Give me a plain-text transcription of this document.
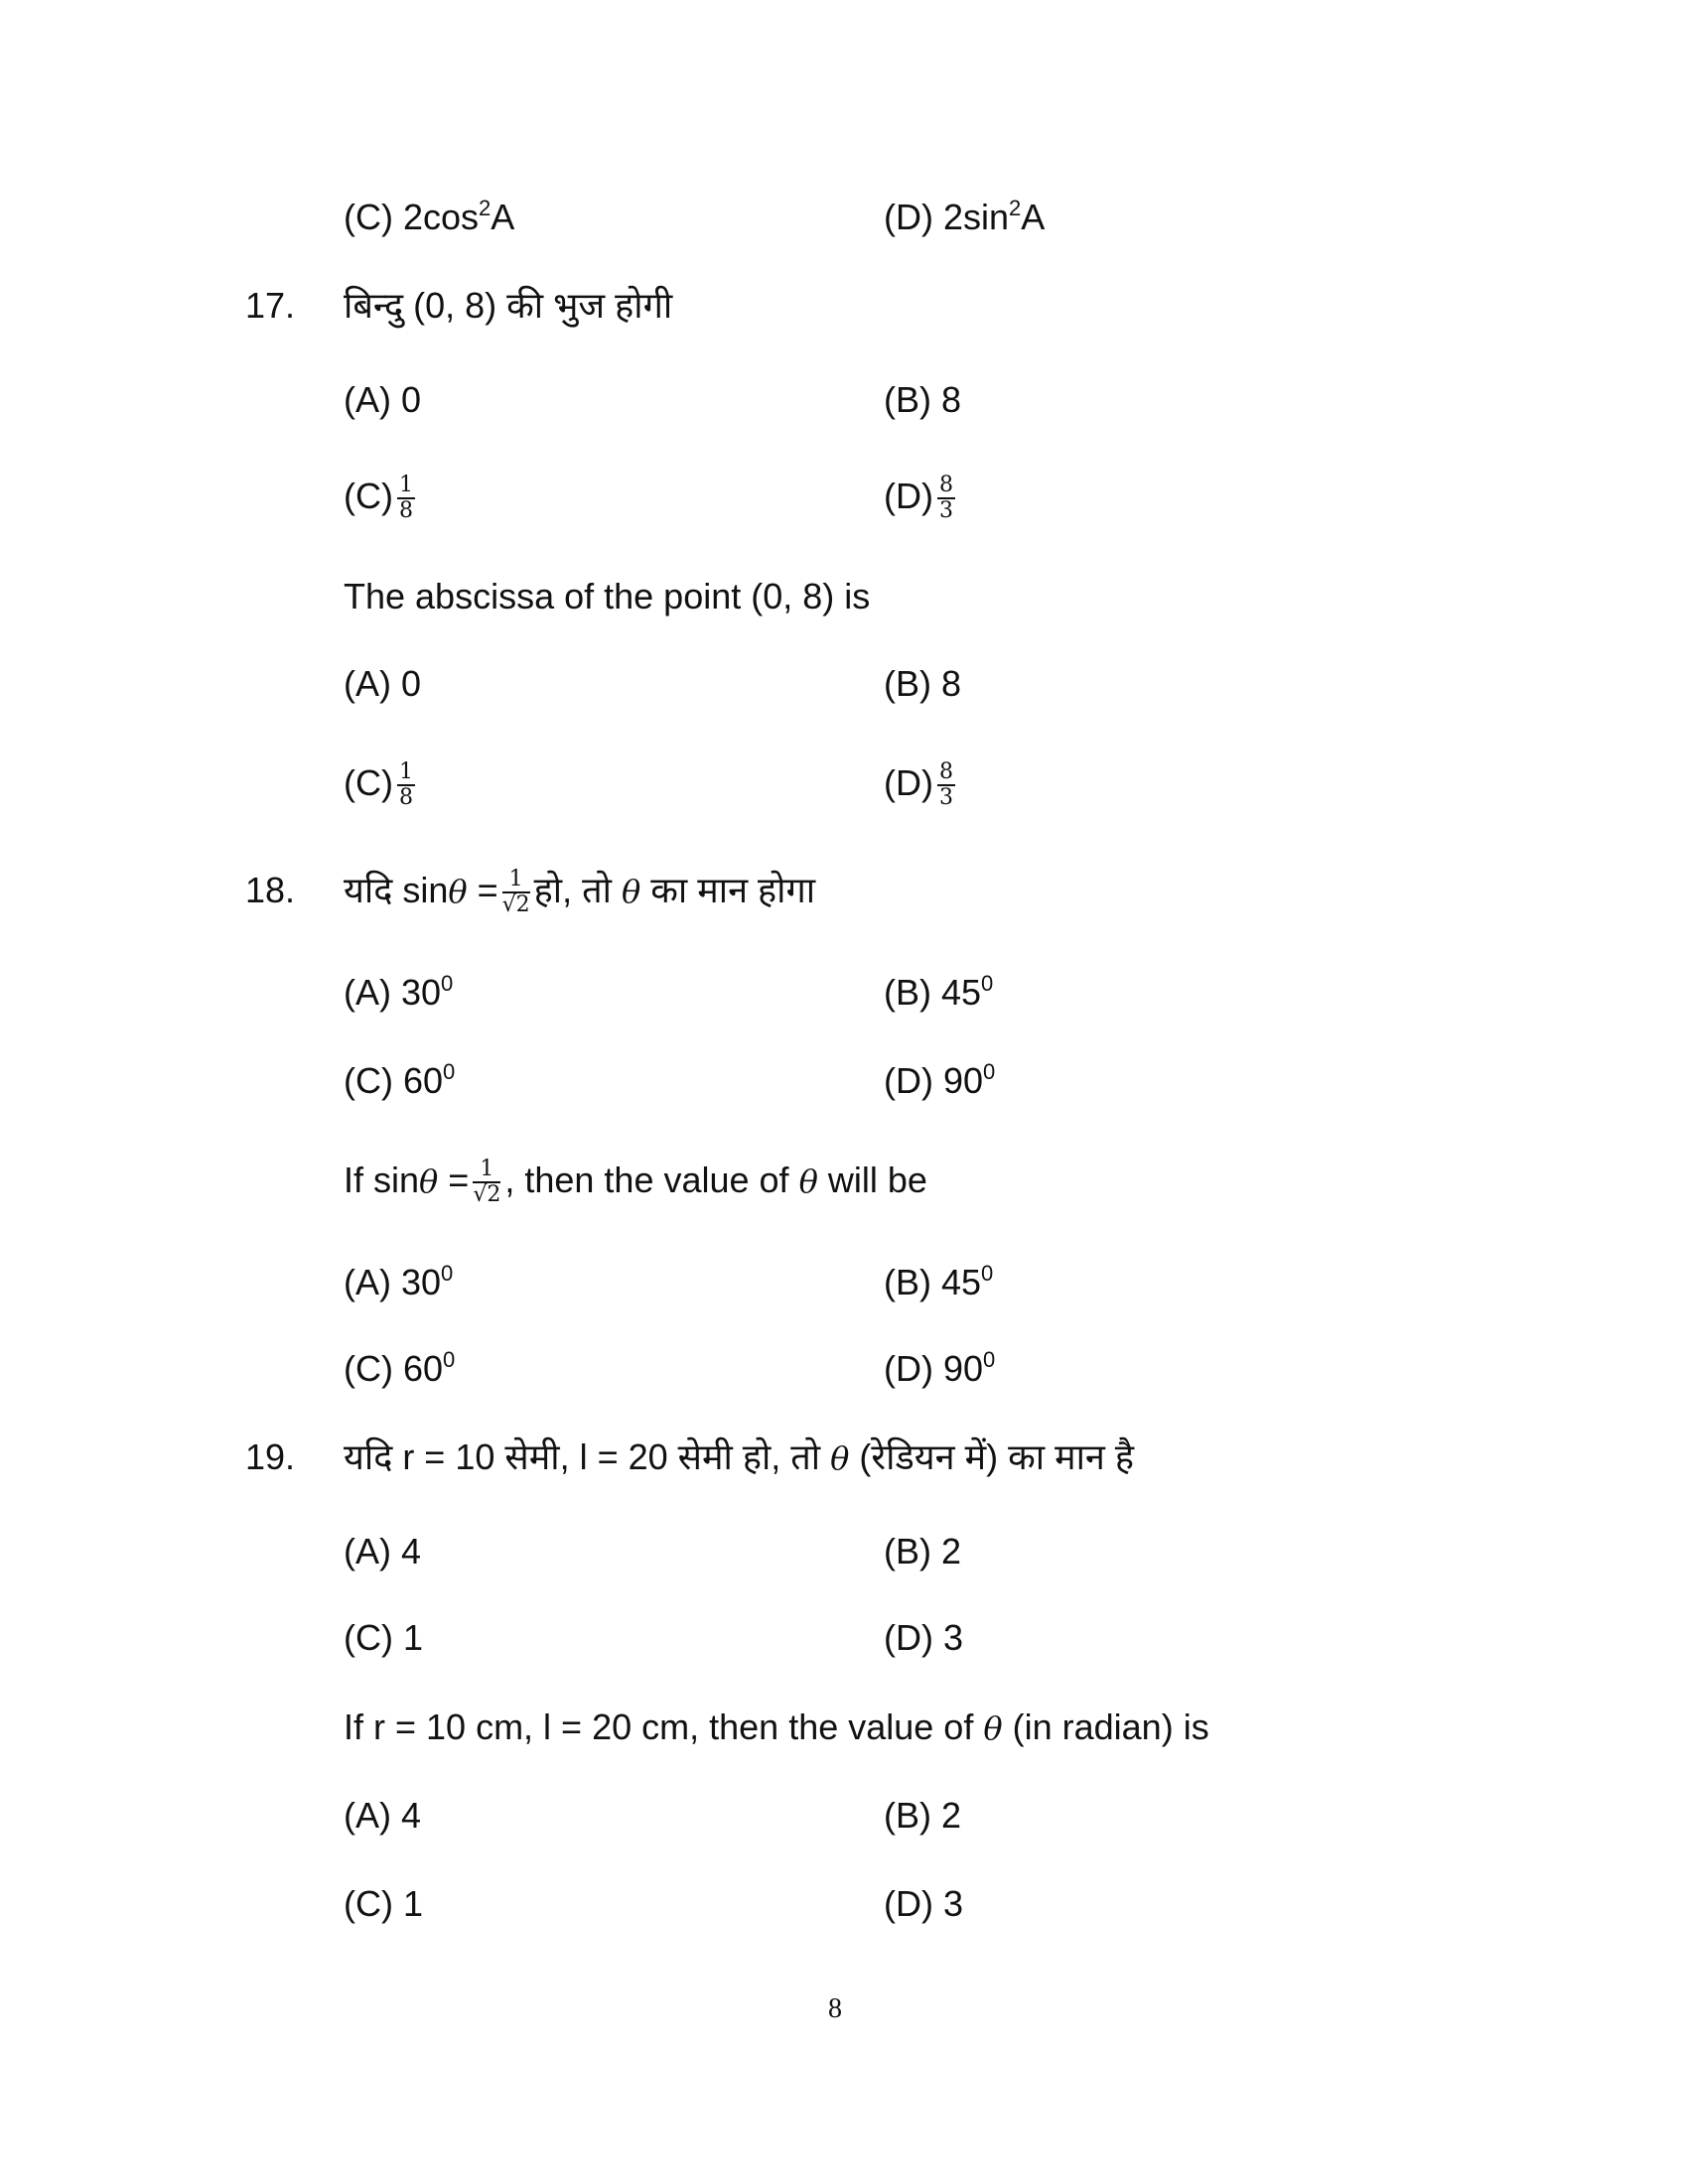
(C) $2\cos^2A$	(D) $2\sin^2A$
17. बिन्दु (0, 8) की भुज होगी
(A) 0	(B) 8
$(C) \frac{1}{8}$	$(D) \frac{8}{3}$
The abscissa of the point (0, 8) is
(A) 0	(B) 8
$(C) \frac{1}{8}$	$(D) \frac{8}{3}$
18. यदि $\sin\theta = \frac{1}{√2}$ हो, तो θ का मान होगा
(A) $30^0$	(B) $45^0$
(C) $60^0$	(D) $90^0$
If $\sin\theta = \frac{1}{√2}$ , then the value of θ will be
(A) $30^0$	(B) $45^0$
(C) $60^0$	(D) $90^0$
19. यदि r = 10 सेमी, l = 20 सेमी हो, तो θ (रेडियन में) का मान है
(A) 4	(B) 2
(C) 1	(D) 3
If r = 10 cm, l = 20 cm, then the value of θ (in radian) is
(A) 4	(B) 2
(C) 1	(D) 3
8
